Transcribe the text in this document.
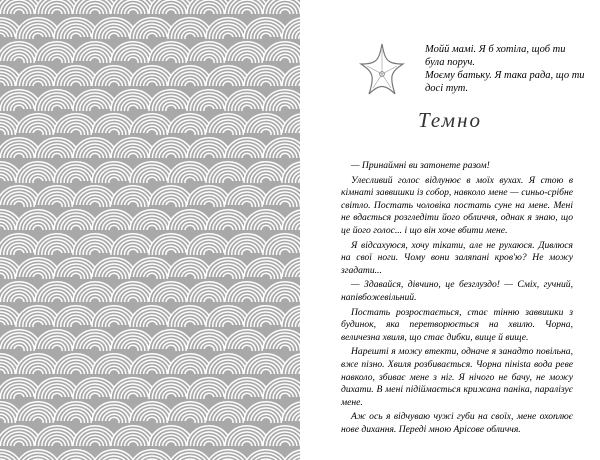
Мойй мамі. Я б хотіла, щоб ти була поруч.

Моєму батьку. Я така рада, що ти досі тут.

Темно

— Принаймні ви затонете разом!

Улесливий голос відлунює в моїх вухах. Я стою в кімнаті заввишки із собор, навколо мене — синьо-срібне світло. Постать чоловіка постать суне на мене. Мені не вдається розгледіти його обличчя, однак я знаю, що це його голос... і що він хоче вбити мене.

Я відсахуюся, хочу тікати, але не рухаюся. Дивлюся на свої ноги. Чому вони заляпані кров'ю? Не можу згадати...

— Здавайся, дівчино, це безглуздо! — Сміх, гучний, напівбожевільний.

Постать розростається, стає тінню заввишки з будинок, яка перетворюється на хвилю. Чорна, величезна хвиля, що стає дибки, вище й вище.

Нарешті я можу втекти, одначе я занадто повільна, вже пізно. Хвиля розбивається. Чорна пінista вода реве навколо, збиває мене з ніг. Я нічого не бачу, не можу дихати. В мені підіймається крижана паніка, паралізує мене.

Аж ось я відчуваю чужі губи на своїх, мене охоплює нове дихання. Переді мною Арісове обличчя.
